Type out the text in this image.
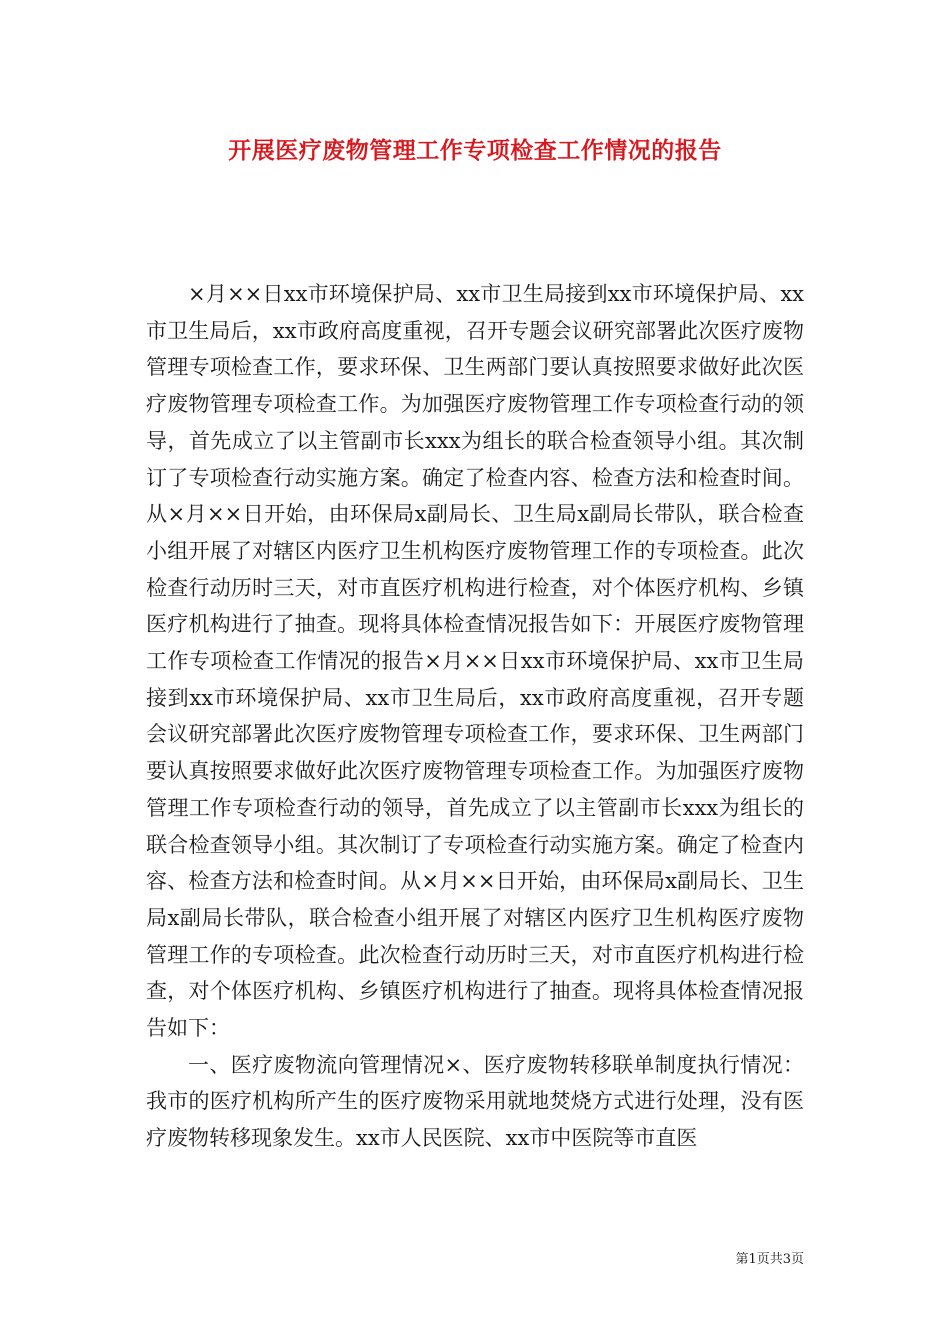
开展医疗废物管理工作专项检查工作情况的报告

×月××日xx市环境保护局、xx市卫生局接到xx市环境保护局、xx市卫生局后，xx市政府高度重视，召开专题会议研究部署此次医疗废物管理专项检查工作，要求环保、卫生两部门要认真按照要求做好此次医疗废物管理专项检查工作。为加强医疗废物管理工作专项检查行动的领导，首先成立了以主管副市长xxx为组长的联合检查领导小组。其次制订了专项检查行动实施方案。确定了检查内容、检查方法和检查时间。从×月××日开始，由环保局x副局长、卫生局x副局长带队，联合检查小组开展了对辖区内医疗卫生机构医疗废物管理工作的专项检查。此次检查行动历时三天，对市直医疗机构进行检查，对个体医疗机构、乡镇医疗机构进行了抽查。现将具体检查情况报告如下：开展医疗废物管理工作专项检查工作情况的报告×月××日xx市环境保护局、xx市卫生局接到xx市环境保护局、xx市卫生局后，xx市政府高度重视，召开专题会议研究部署此次医疗废物管理专项检查工作，要求环保、卫生两部门要认真按照要求做好此次医疗废物管理专项检查工作。为加强医疗废物管理工作专项检查行动的领导，首先成立了以主管副市长xxx为组长的联合检查领导小组。其次制订了专项检查行动实施方案。确定了检查内容、检查方法和检查时间。从×月××日开始，由环保局x副局长、卫生局x副局长带队，联合检查小组开展了对辖区内医疗卫生机构医疗废物管理工作的专项检查。此次检查行动历时三天，对市直医疗机构进行检查，对个体医疗机构、乡镇医疗机构进行了抽查。现将具体检查情况报告如下：

一、医疗废物流向管理情况×、医疗废物转移联单制度执行情况：我市的医疗机构所产生的医疗废物采用就地焚烧方式进行处理，没有医疗废物转移现象发生。xx市人民医院、xx市中医院等市直医

第1页共3页
